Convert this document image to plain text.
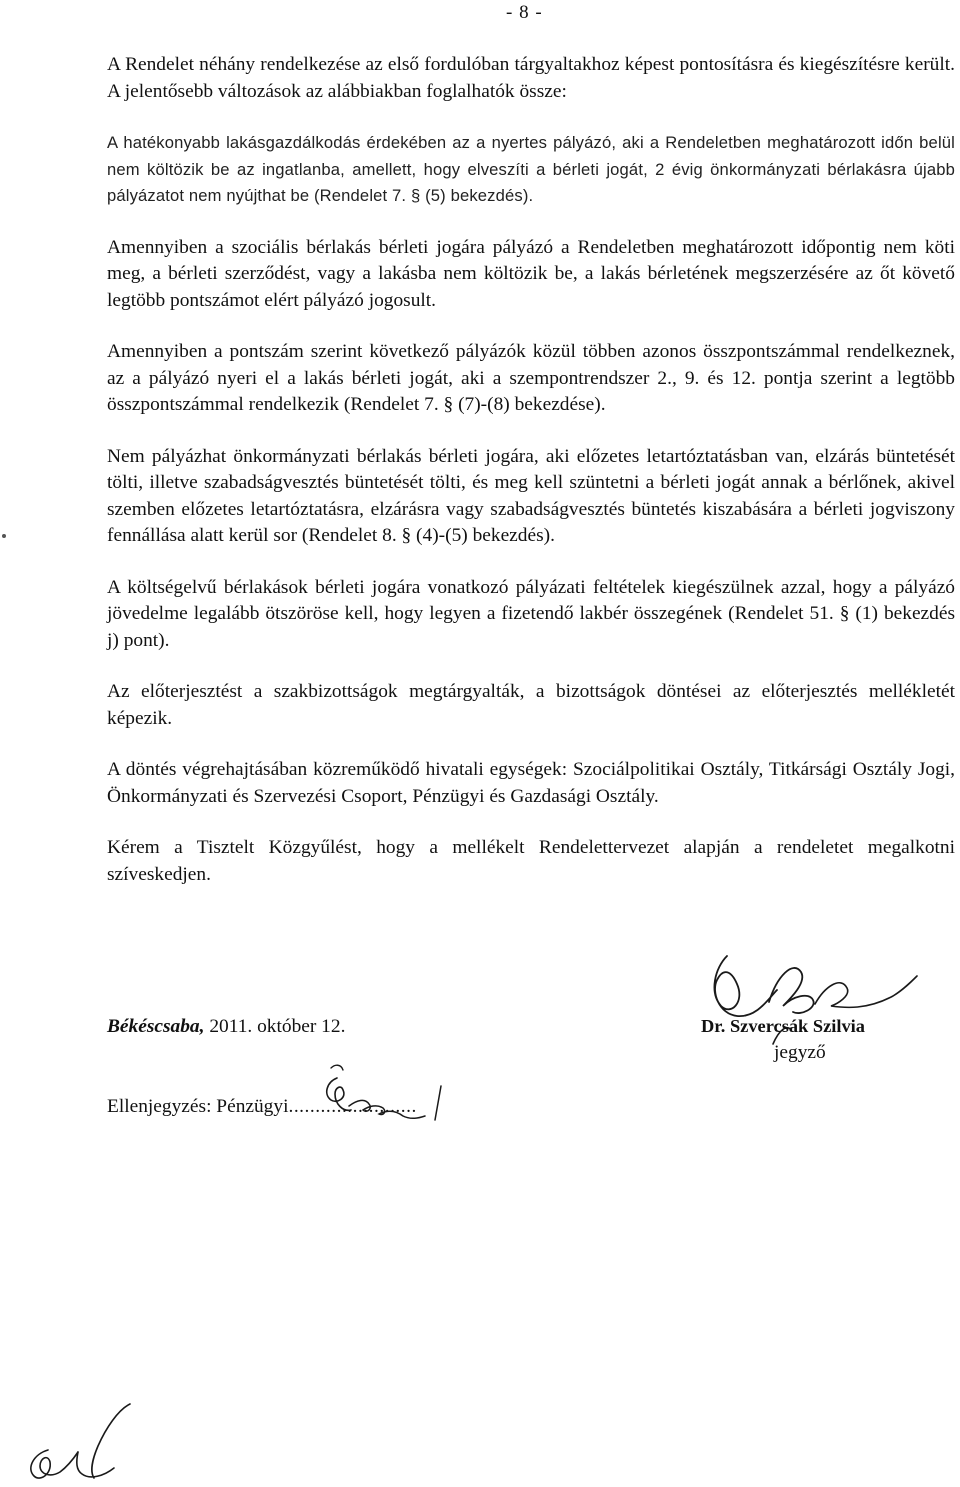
- 8 -

A Rendelet néhány rendelkezése az első fordulóban tárgyaltakhoz képest pontosításra és kiegészítésre került. A jelentősebb változások az alábbiakban foglalhatók össze:

A hatékonyabb lakásgazdálkodás érdekében az a nyertes pályázó, aki a Rendeletben meghatározott időn belül nem költözik be az ingatlanba, amellett, hogy elveszíti a bérleti jogát, 2 évig önkormányzati bérlakásra újabb pályázatot nem nyújthat be (Rendelet 7. § (5) bekezdés).

Amennyiben a szociális bérlakás bérleti jogára pályázó a Rendeletben meghatározott időpontig nem köti meg, a bérleti szerződést, vagy a lakásba nem költözik be, a lakás bérletének megszerzésére az őt követő legtöbb pontszámot elért pályázó jogosult.

Amennyiben a pontszám szerint következő pályázók közül többen azonos összpontszámmal rendelkeznek, az a pályázó nyeri el a lakás bérleti jogát, aki a szempontrendszer 2., 9. és 12. pontja szerint a legtöbb összpontszámmal rendelkezik (Rendelet 7. § (7)-(8) bekezdése).

Nem pályázhat önkormányzati bérlakás bérleti jogára, aki előzetes letartóztatásban van, elzárás büntetését tölti, illetve szabadságvesztés büntetését tölti, és meg kell szüntetni a bérleti jogát annak a bérlőnek, akivel szemben előzetes letartóztatásra, elzárásra vagy szabadságvesztés büntetés kiszabására a bérleti jogviszony fennállása alatt kerül sor (Rendelet 8. § (4)-(5) bekezdés).

A költségelvű bérlakások bérleti jogára vonatkozó pályázati feltételek kiegészülnek azzal, hogy a pályázó jövedelme legalább ötszöröse kell, hogy legyen a fizetendő lakbér összegének (Rendelet 51. § (1) bekezdés j) pont).

Az előterjesztést a szakbizottságok megtárgyalták, a bizottságok döntései az előterjesztés mellékletét képezik.

A döntés végrehajtásában közreműködő hivatali egységek: Szociálpolitikai Osztály, Titkársági Osztály Jogi, Önkormányzati és Szervezési Csoport, Pénzügyi és Gazdasági Osztály.

Kérem a Tisztelt Közgyűlést, hogy a mellékelt Rendelettervezet alapján a rendeletet megalkotni szíveskedjen.

Békéscsaba, 2011. október 12.	Dr. Szvercsák Szilvia
jegyző
Ellenjegyzés: Pénzügyi........................
